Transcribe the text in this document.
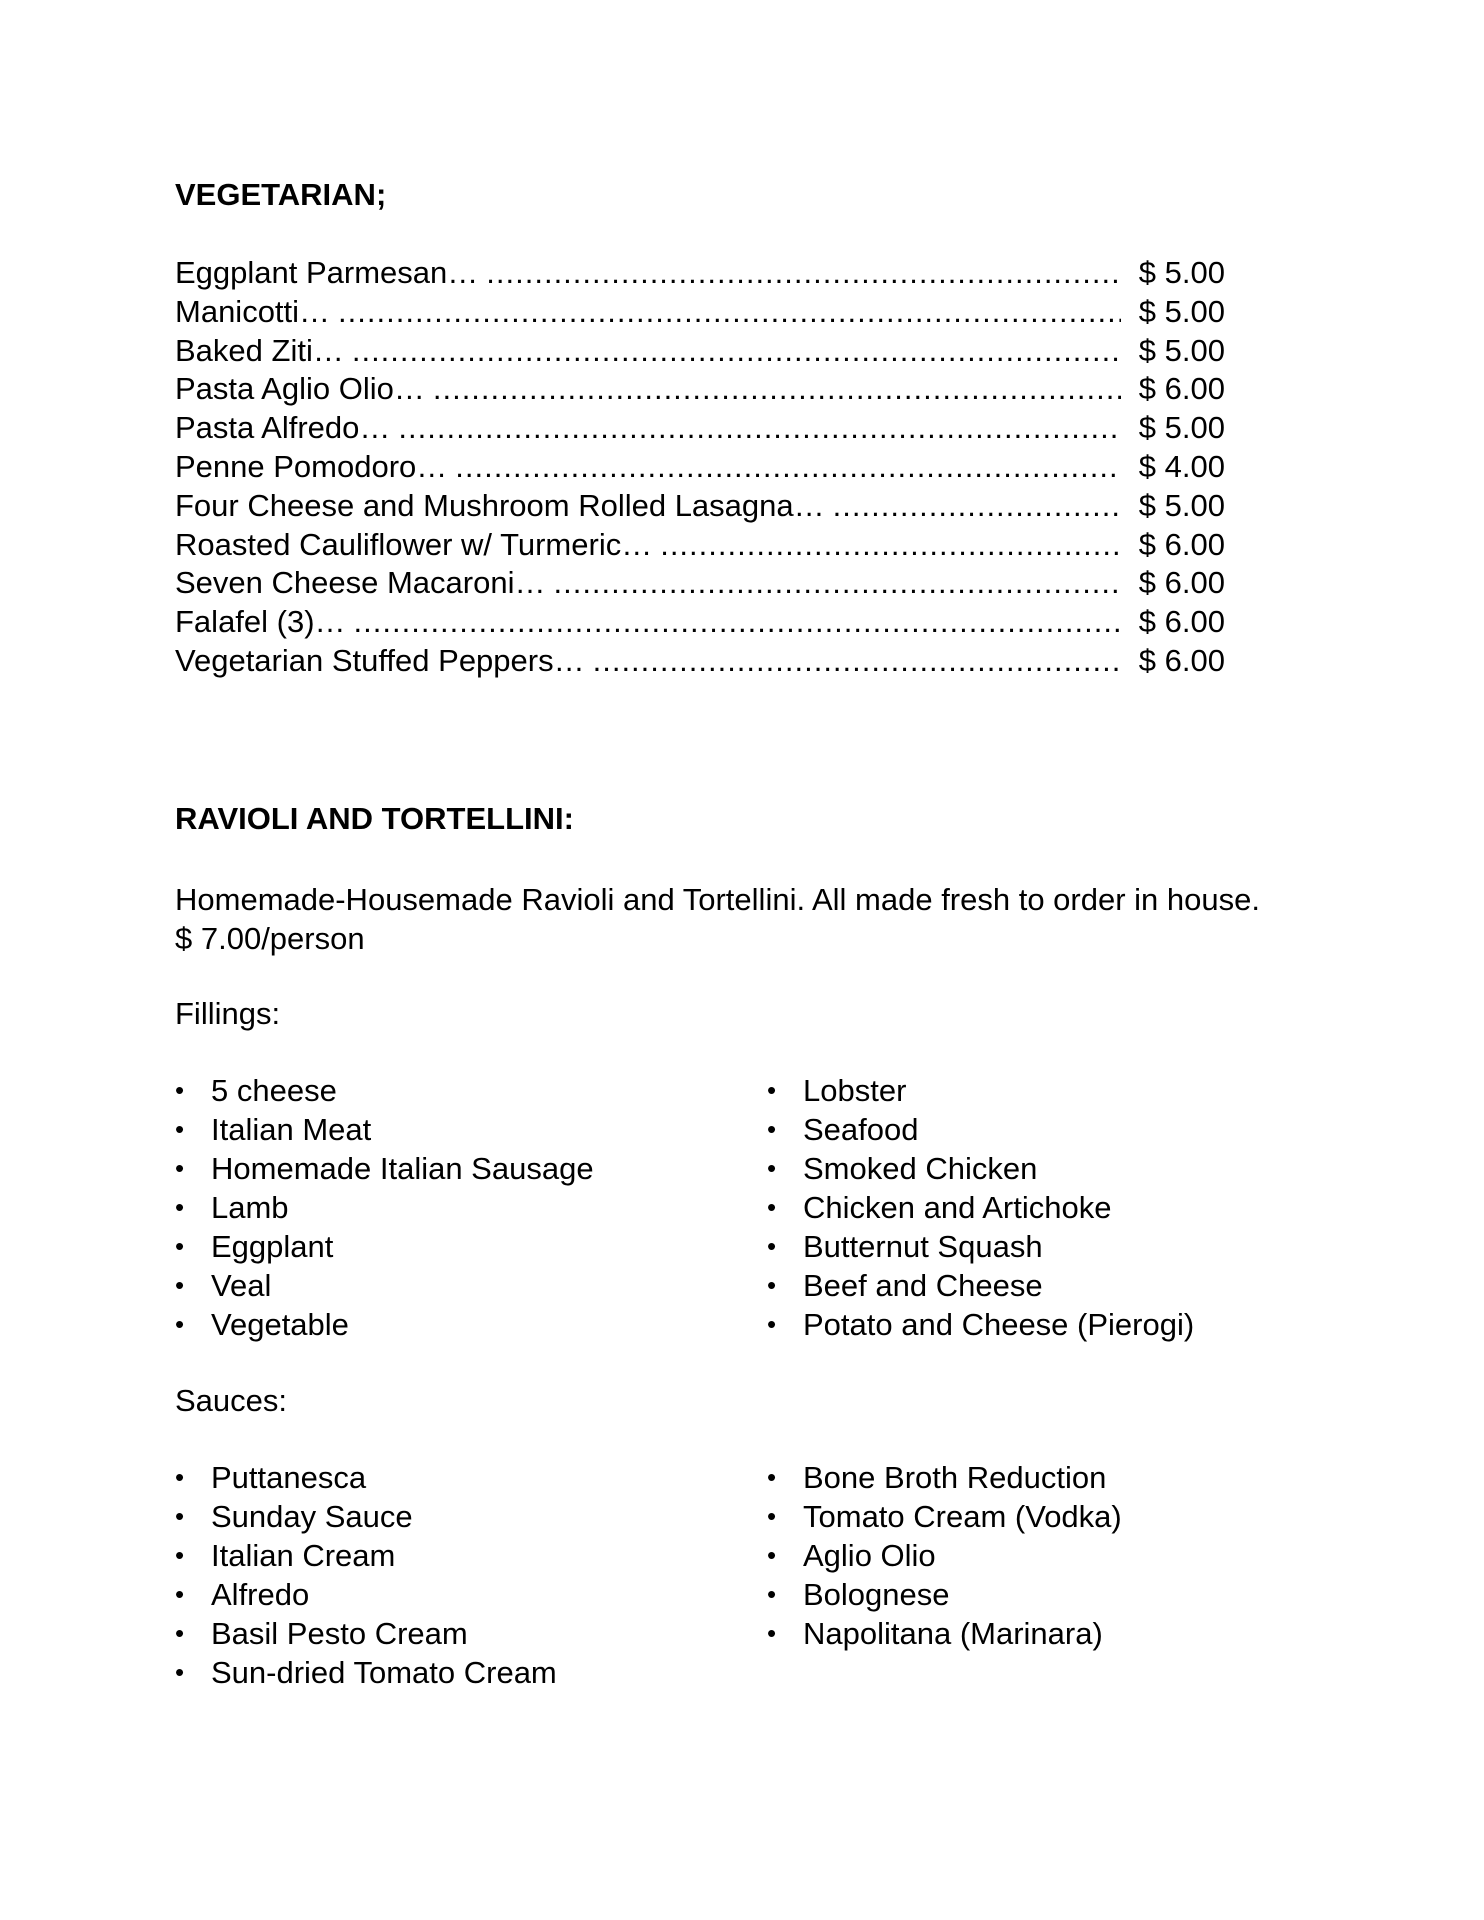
VEGETARIAN;
Eggplant Parmesan… .....	$ 5.00
Manicotti… .....	$ 5.00
Baked Ziti… .....	$ 5.00
Pasta Aglio Olio… .....	$ 6.00
Pasta Alfredo… .....	$ 5.00
Penne Pomodoro… .....	$ 4.00
Four Cheese and Mushroom Rolled Lasagna… .....	$ 5.00
Roasted Cauliflower w/ Turmeric… .....	$ 6.00
Seven Cheese Macaroni… .....	$ 6.00
Falafel (3)… .....	$ 6.00
Vegetarian Stuffed Peppers… .....	$ 6.00
RAVIOLI AND TORTELLINI:

Homemade-Housemade Ravioli and Tortellini. All made fresh to order in house. $ 7.00/person

Fillings:

• 5 cheese
• Italian Meat
• Homemade Italian Sausage
• Lamb
• Eggplant
• Veal
• Vegetable
• Lobster
• Seafood
• Smoked Chicken
• Chicken and Artichoke
• Butternut Squash
• Beef and Cheese
• Potato and Cheese (Pierogi)

Sauces:

• Puttanesca
• Sunday Sauce
• Italian Cream
• Alfredo
• Basil Pesto Cream
• Sun-dried Tomato Cream
• Bone Broth Reduction
• Tomato Cream (Vodka)
• Aglio Olio
• Bolognese
• Napolitana (Marinara)
